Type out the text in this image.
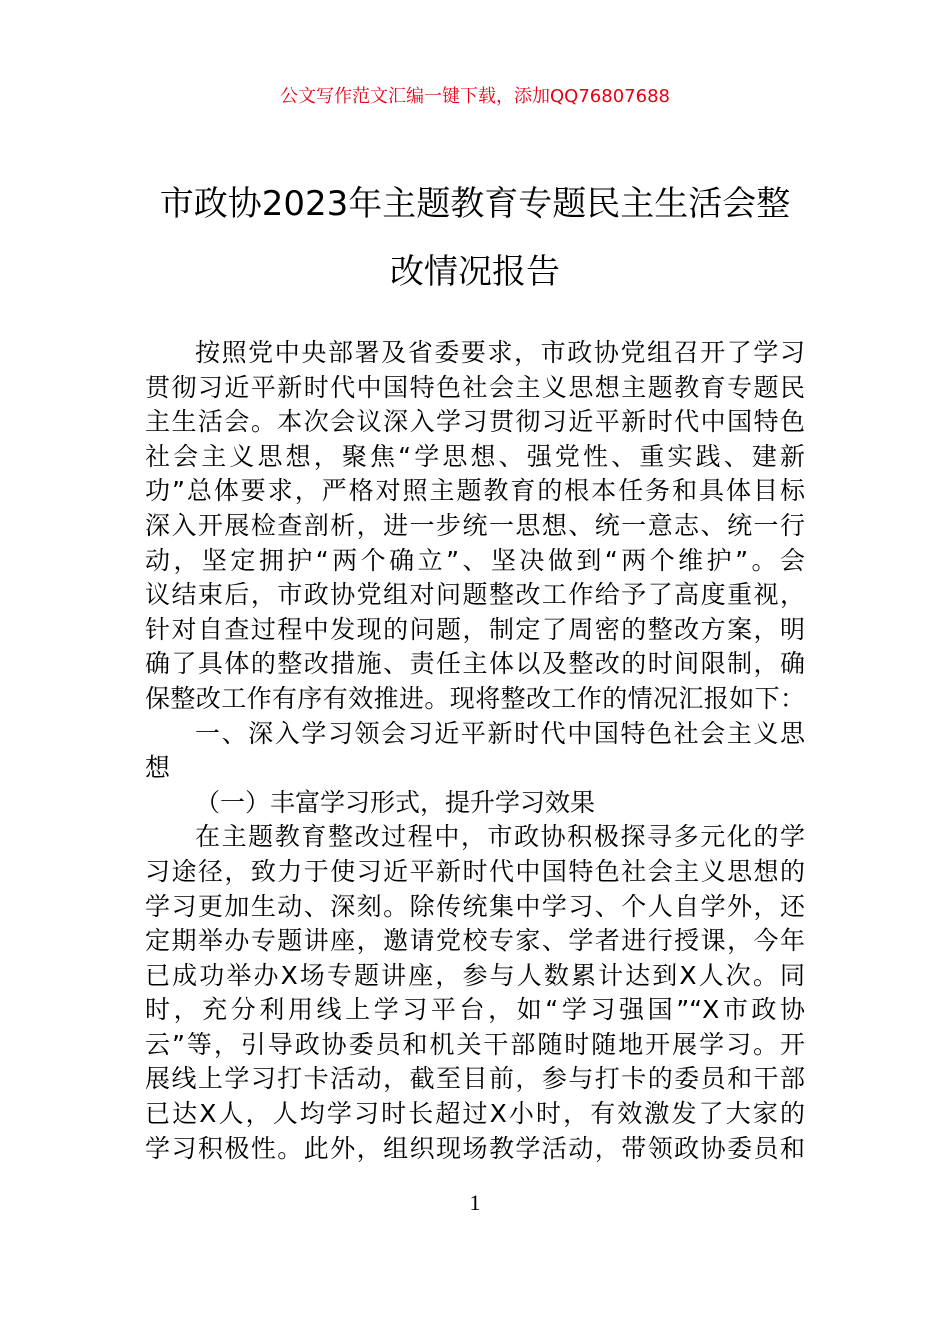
公文写作范文汇编一键下载，添加QQ76807688
市政协2023年主题教育专题民主生活会整
改情况报告
按照党中央部署及省委要求，市政协党组召开了学习
贯彻习近平新时代中国特色社会主义思想主题教育专题民
主生活会。本次会议深入学习贯彻习近平新时代中国特色
社会主义思想，聚焦“学思想、强党性、重实践、建新
功”总体要求，严格对照主题教育的根本任务和具体目标
深入开展检查剖析，进一步统一思想、统一意志、统一行
动，坚定拥护“两个确立”、坚决做到“两个维护”。会
议结束后，市政协党组对问题整改工作给予了高度重视，
针对自查过程中发现的问题，制定了周密的整改方案，明
确了具体的整改措施、责任主体以及整改的时间限制，确
保整改工作有序有效推进。现将整改工作的情况汇报如下：
一、深入学习领会习近平新时代中国特色社会主义思
想
（一）丰富学习形式，提升学习效果
在主题教育整改过程中，市政协积极探寻多元化的学
习途径，致力于使习近平新时代中国特色社会主义思想的
学习更加生动、深刻。除传统集中学习、个人自学外，还
定期举办专题讲座，邀请党校专家、学者进行授课，今年
已成功举办X场专题讲座，参与人数累计达到X人次。同
时，充分利用线上学习平台，如“学习强国”“X市政协
云”等，引导政协委员和机关干部随时随地开展学习。开
展线上学习打卡活动，截至目前，参与打卡的委员和干部
已达X人，人均学习时长超过X小时，有效激发了大家的
学习积极性。此外，组织现场教学活动，带领政协委员和
1
